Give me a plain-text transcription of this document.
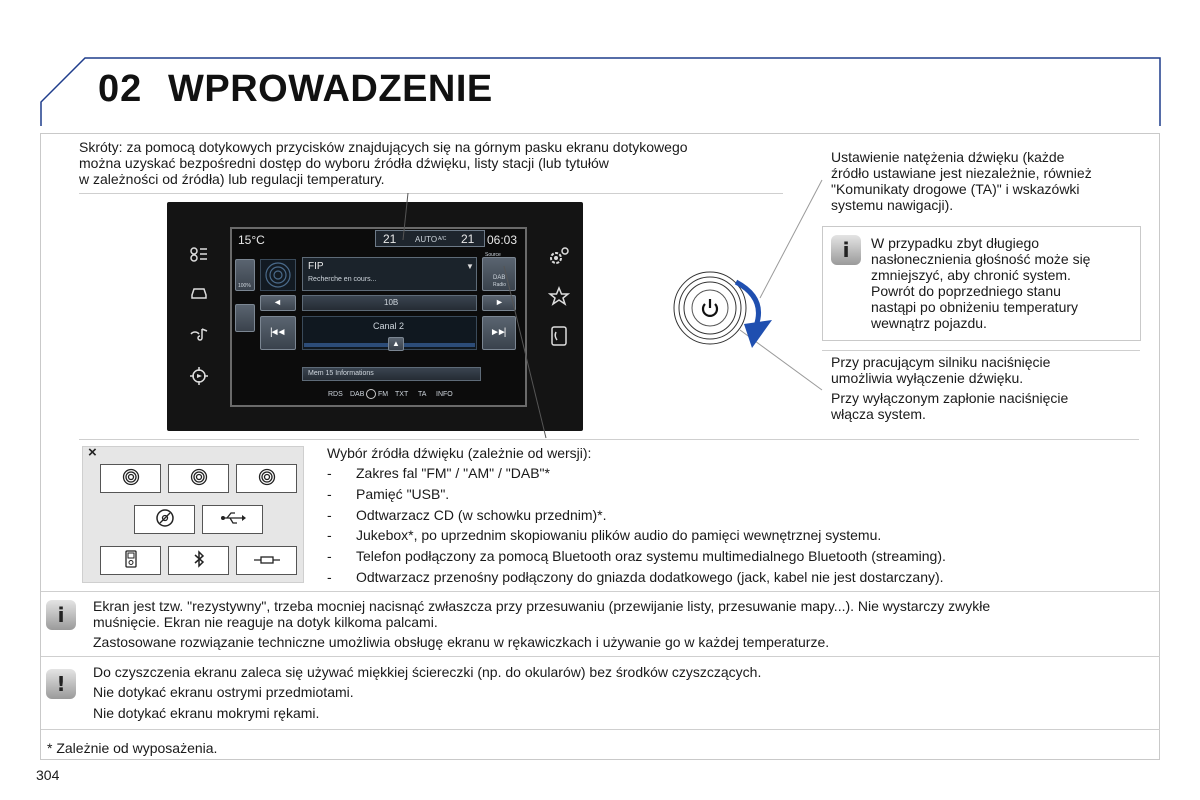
02 WPROWADZENIE
Skróty: za pomocą dotykowych przycisków znajdujących się na górnym pasku ekranu dotykowego
można uzyskać bezpośredni dostęp do wyboru źródła dźwięku, listy stacji (lub tytułów
w zależności od źródła) lub regulacji temperatury.
15°C	21 AUTO A/C 21 06:03
100%
FIP	▼
Recherche en cours...
Source
DAB
Radio
◄	10B	►
|◄◄
Canal 2
▲
►►|
Mem 15 Informations
RDS DAB FM TXT TA INFO
Ustawienie natężenia dźwięku (każde
źródło ustawiane jest niezależnie, również
"Komunikaty drogowe (TA)" i wskazówki
systemu nawigacji).
i	W przypadku zbyt długiego
nasłonecznienia głośność może się
zmniejszyć, aby chronić system.
Powrót do poprzedniego stanu
nastąpi po obniżeniu temperatury
wewnątrz pojazdu.
Przy pracującym silniku naciśnięcie
umożliwia wyłączenie dźwięku.
Przy wyłączonym zapłonie naciśnięcie
włącza system.
×	Wybór źródła dźwięku (zależnie od wersji):
- Zakres fal "FM" / "AM" / "DAB"*
- Pamięć "USB".
- Odtwarzacz CD (w schowku przednim)*.
- Jukebox*, po uprzednim skopiowaniu plików audio do pamięci wewnętrznej systemu.
- Telefon podłączony za pomocą Bluetooth oraz systemu multimedialnego Bluetooth (streaming).
- Odtwarzacz przenośny podłączony do gniazda dodatkowego (jack, kabel nie jest dostarczany).
i	Ekran jest tzw. "rezystywny", trzeba mocniej nacisnąć zwłaszcza przy przesuwaniu (przewijanie listy, przesuwanie mapy...). Nie wystarczy zwykłe
muśnięcie. Ekran nie reaguje na dotyk kilkoma palcami.
Zastosowane rozwiązanie techniczne umożliwia obsługę ekranu w rękawiczkach i używanie go w każdej temperaturze.
!	Do czyszczenia ekranu zaleca się używać miękkiej ściereczki (np. do okularów) bez środków czyszczących.
Nie dotykać ekranu ostrymi przedmiotami.
Nie dotykać ekranu mokrymi rękami.
* Zależnie od wyposażenia.
304
